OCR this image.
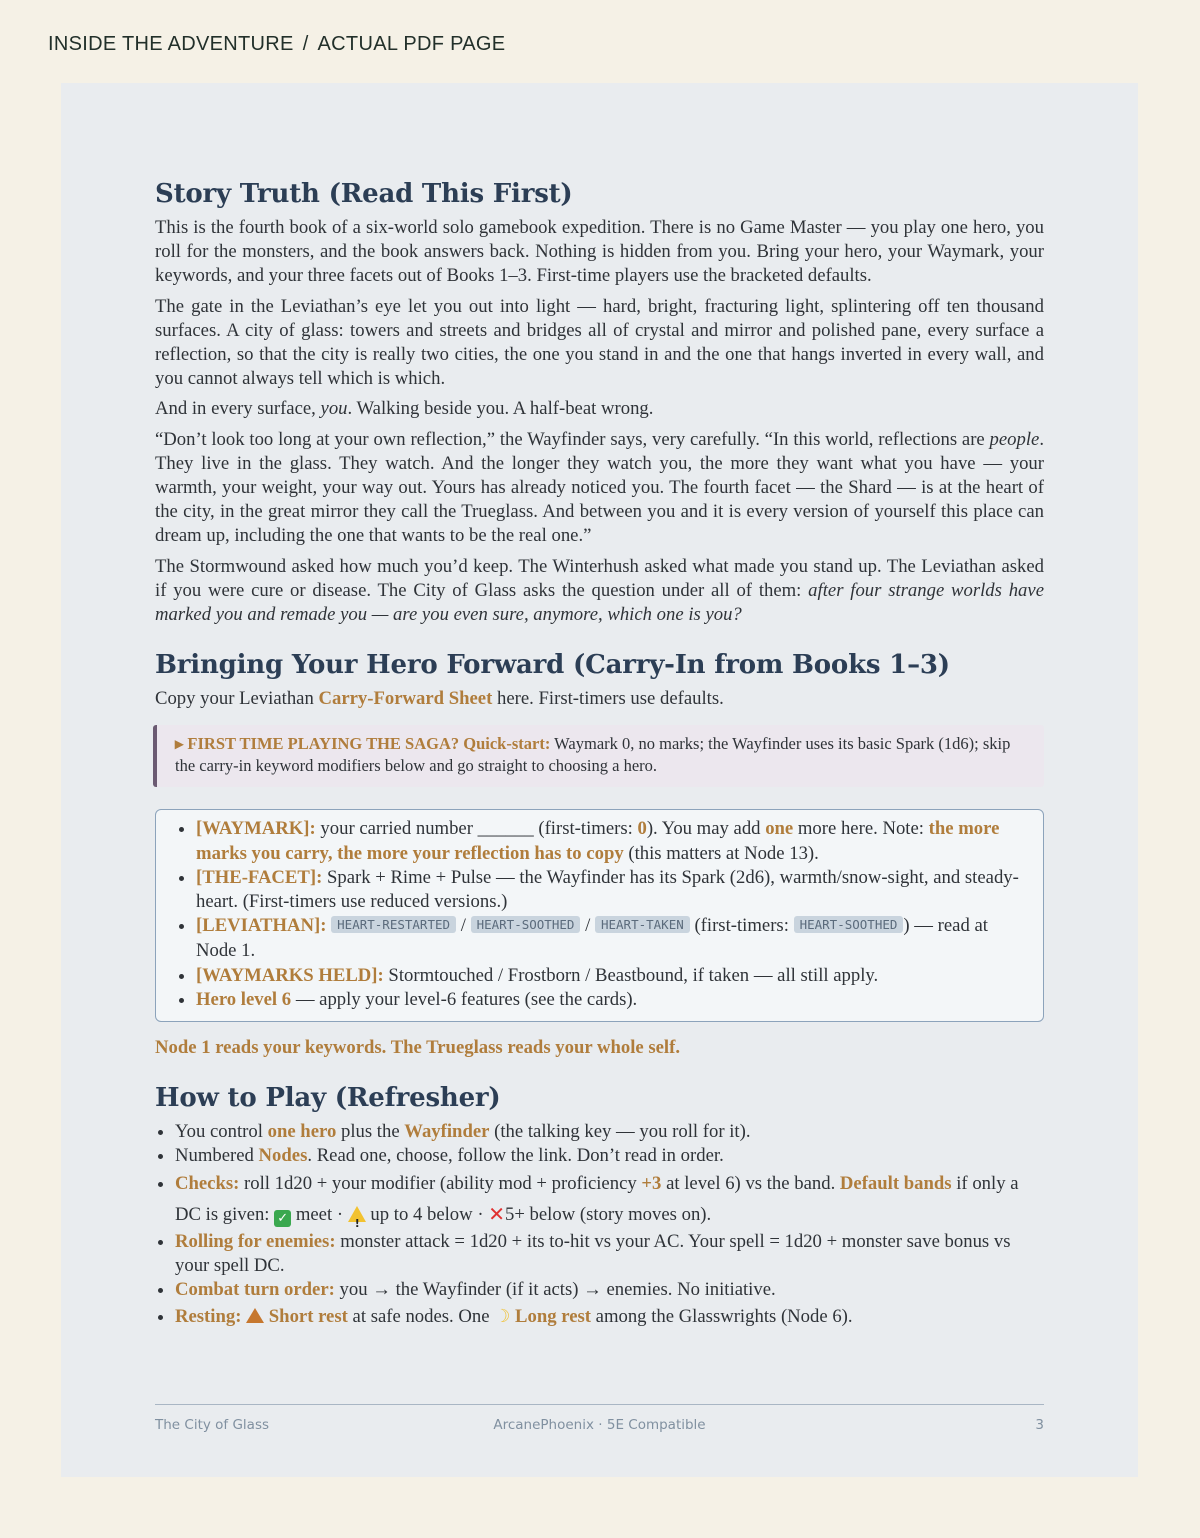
INSIDE THE ADVENTURE / ACTUAL PDF PAGE
Story Truth (Read This First)

This is the fourth book of a six-world solo gamebook expedition. There is no Game Master — you play one hero, you roll for the monsters, and the book answers back. Nothing is hidden from you. Bring your hero, your Waymark, your keywords, and your three facets out of Books 1–3. First-time players use the bracketed defaults.

The gate in the Leviathan’s eye let you out into light — hard, bright, fracturing light, splintering off ten thousand surfaces. A city of glass: towers and streets and bridges all of crystal and mirror and polished pane, every surface a reflection, so that the city is really two cities, the one you stand in and the one that hangs inverted in every wall, and you cannot always tell which is which.

And in every surface, you. Walking beside you. A half-beat wrong.

“Don’t look too long at your own reflection,” the Wayfinder says, very carefully. “In this world, reflections are people. They live in the glass. They watch. And the longer they watch you, the more they want what you have — your warmth, your weight, your way out. Yours has already noticed you. The fourth facet — the Shard — is at the heart of the city, in the great mirror they call the Trueglass. And between you and it is every version of yourself this place can dream up, including the one that wants to be the real one.”

The Stormwound asked how much you’d keep. The Winterhush asked what made you stand up. The Leviathan asked if you were cure or disease. The City of Glass asks the question under all of them: after four strange worlds have marked you and remade you — are you even sure, anymore, which one is you?

Bringing Your Hero Forward (Carry-In from Books 1–3)

Copy your Leviathan Carry-Forward Sheet here. First-timers use defaults.

▸ FIRST TIME PLAYING THE SAGA? Quick-start: Waymark 0, no marks; the Wayfinder uses its basic Spark (1d6); skip the carry-in keyword modifiers below and go straight to choosing a hero.
• [WAYMARK]: your carried number ______ (first-timers: 0). You may add one more here. Note: the more marks you carry, the more your reflection has to copy (this matters at Node 13).
• [THE-FACET]: Spark + Rime + Pulse — the Wayfinder has its Spark (2d6), warmth/snow-sight, and steady-heart. (First-timers use reduced versions.)
• [LEVIATHAN]: HEART-RESTARTED / HEART-SOOTHED / HEART-TAKEN (first-timers: HEART-SOOTHED ) — read at Node 1.
• [WAYMARKS HELD]: Stormtouched / Frostborn / Beastbound, if taken — all still apply.
• Hero level 6 — apply your level-6 features (see the cards).

Node 1 reads your keywords. The Trueglass reads your whole self.

How to Play (Refresher)
• You control one hero plus the Wayfinder (the talking key — you roll for it).
• Numbered Nodes. Read one, choose, follow the link. Don’t read in order.
• Checks: roll 1d20 + your modifier (ability mod + proficiency +3 at level 6) vs the band. Default bands if only a DC is given: ✓ meet · ! up to 4 below · ✕5+ below (story moves on).
• Rolling for enemies: monster attack = 1d20 + its to-hit vs your AC. Your spell = 1d20 + monster save bonus vs your spell DC.
• Combat turn order: you → the Wayfinder (if it acts) → enemies. No initiative.
• Resting: Short rest at safe nodes. One ☽ Long rest among the Glasswrights (Node 6).
The City of Glass	ArcanePhoenix · 5E Compatible	3
